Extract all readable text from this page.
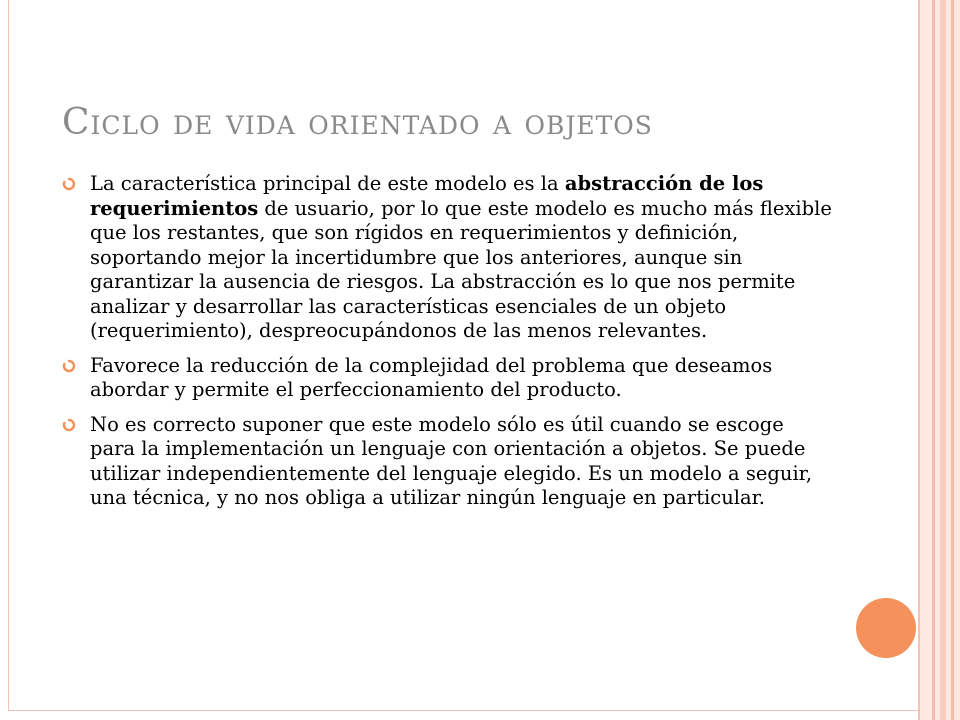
Ciclo de vida orientado a objetos
La característica principal de este modelo es la abstracción de los requerimientos de usuario, por lo que este modelo es mucho más flexible que los restantes, que son rígidos en requerimientos y definición, soportando mejor la incertidumbre que los anteriores, aunque sin garantizar la ausencia de riesgos. La abstracción es lo que nos permite analizar y desarrollar las características esenciales de un objeto (requerimiento), despreocupándonos de las menos relevantes.
Favorece la reducción de la complejidad del problema que deseamos abordar y permite el perfeccionamiento del producto.
No es correcto suponer que este modelo sólo es útil cuando se escoge para la implementación un lenguaje con orientación a objetos. Se puede utilizar independientemente del lenguaje elegido. Es un modelo a seguir, una técnica, y no nos obliga a utilizar ningún lenguaje en particular.
